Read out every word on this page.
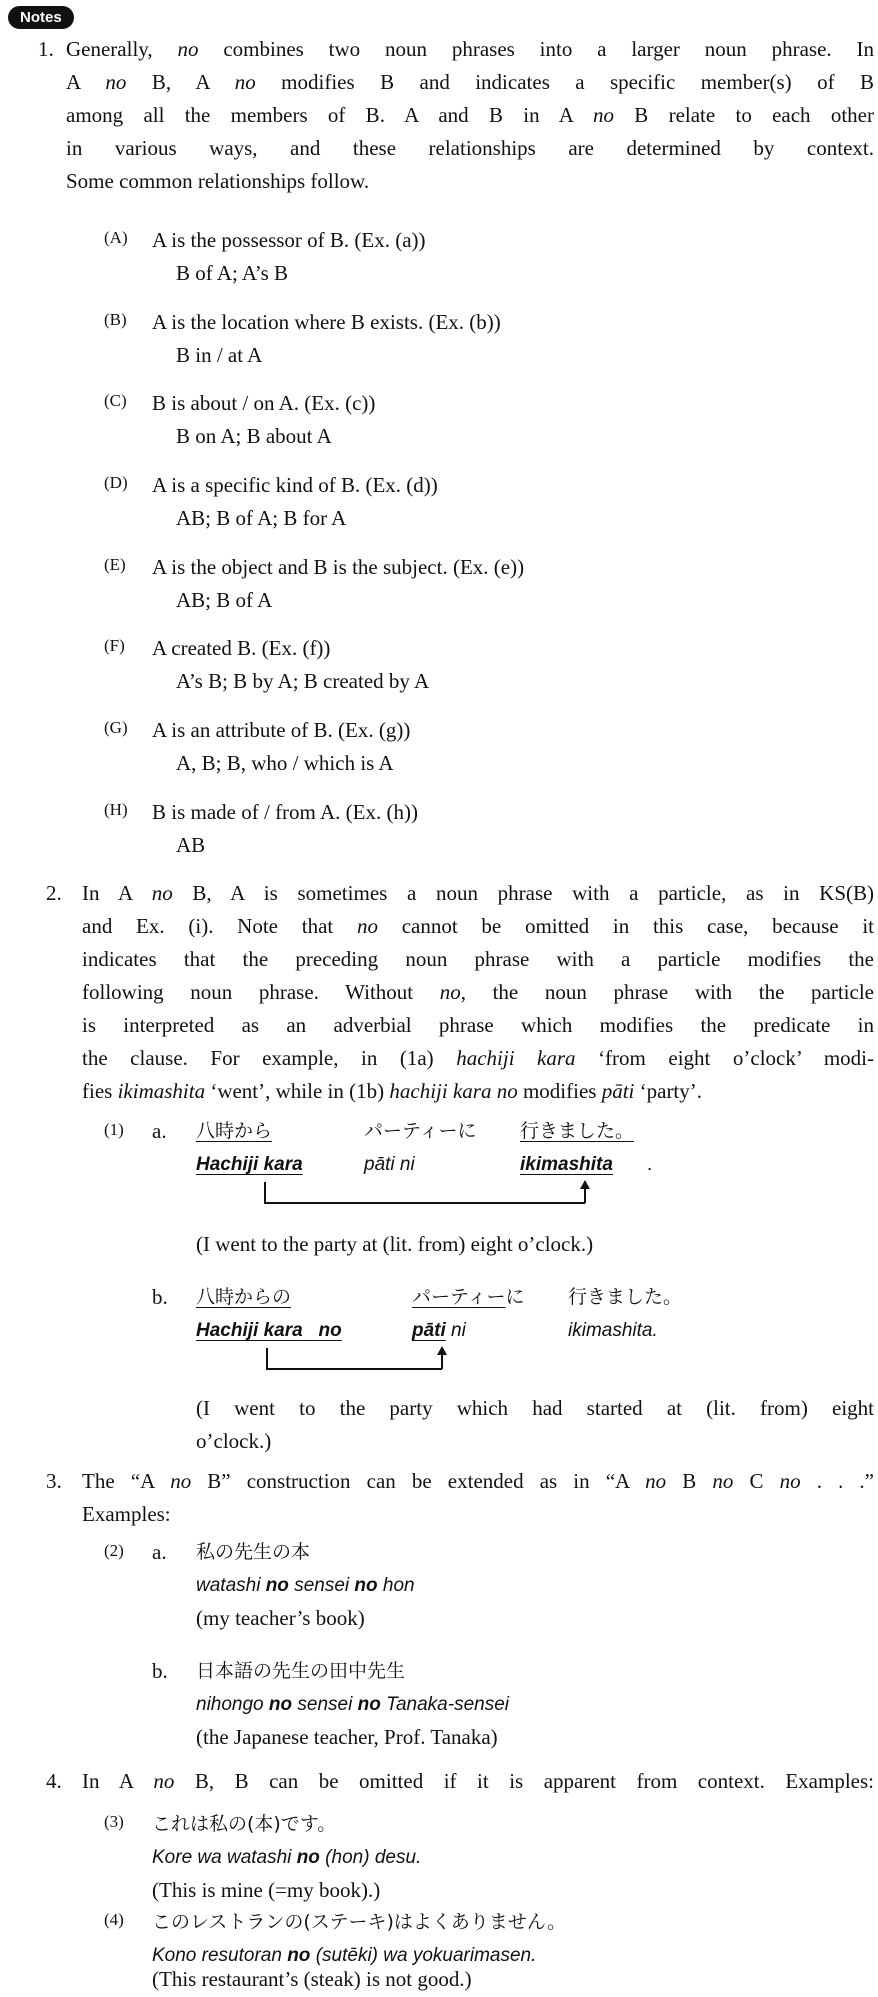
Notes
1. Generally, no combines two noun phrases into a larger noun phrase. In
A no B, A no modifies B and indicates a specific member(s) of B
among all the members of B. A and B in A no B relate to each other
in various ways, and these relationships are determined by context.
Some common relationships follow.
(A) A is the possessor of B. (Ex. (a))
B of A; A’s B
(B) A is the location where B exists. (Ex. (b))
B in / at A
(C) B is about / on A. (Ex. (c))
B on A; B about A
(D) A is a specific kind of B. (Ex. (d))
AB; B of A; B for A
(E) A is the object and B is the subject. (Ex. (e))
AB; B of A
(F) A created B. (Ex. (f))
A’s B; B by A; B created by A
(G) A is an attribute of B. (Ex. (g))
A, B; B, who / which is A
(H) B is made of / from A. (Ex. (h))
AB
2. In A no B, A is sometimes a noun phrase with a particle, as in KS(B)
and Ex. (i). Note that no cannot be omitted in this case, because it
indicates that the preceding noun phrase with a particle modifies the
following noun phrase. Without no, the noun phrase with the particle
is interpreted as an adverbial phrase which modifies the predicate in
the clause. For example, in (1a) hachiji kara ‘from eight o’clock’ modi-
fies ikimashita ‘went’, while in (1b) hachiji kara no modifies pāti ‘party’.
(1) a. 八時から	パーティーに 行きました。
Hachiji kara	pāti ni	ikimashita .
(I went to the party at (lit. from) eight o’clock.)
b. 八時からの	パーティーに 行きました。
Hachiji kara no	pāti ni	ikimashita.
(I went to the party which had started at (lit. from) eight
o’clock.)
3. The “A no B” construction can be extended as in “A no B no C no . . .”
Examples:
(2) a. 私の先生の本
watashi no sensei no hon
(my teacher’s book)
b. 日本語の先生の田中先生
nihongo no sensei no Tanaka-sensei
(the Japanese teacher, Prof. Tanaka)
4. In A no B, B can be omitted if it is apparent from context. Examples:
(3) これは私の(本)です。
Kore wa watashi no (hon) desu.
(This is mine (=my book).)
(4) このレストランの(ステーキ)はよくありません。
Kono resutoran no (sutēki) wa yokuarimasen.
(This restaurant’s (steak) is not good.)
